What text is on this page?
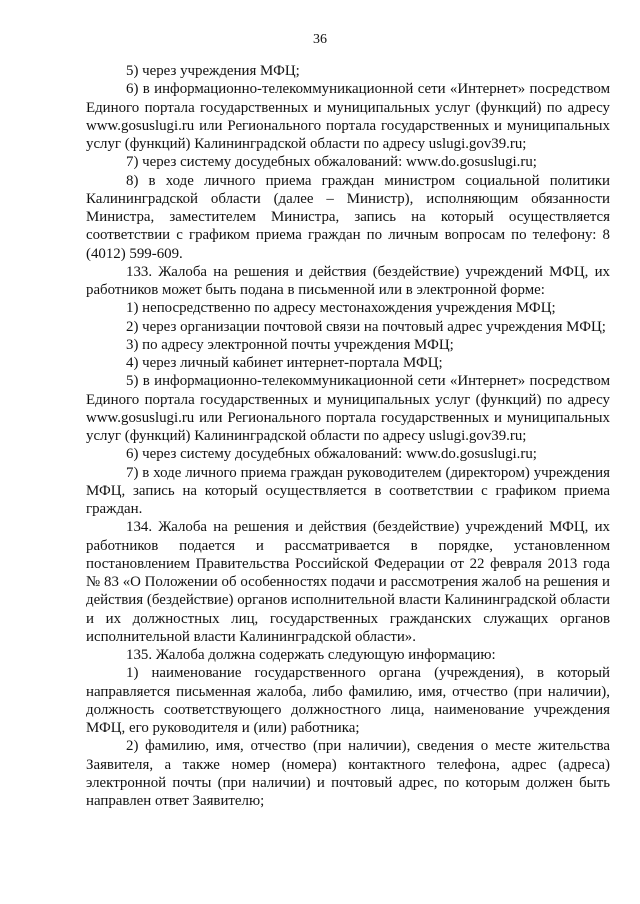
36

5) через учреждения МФЦ;

6) в информационно-телекоммуникационной сети «Интернет» посредством Единого портала государственных и муниципальных услуг (функций) по адресу www.gosuslugi.ru или Регионального портала государственных и муниципальных услуг (функций) Калининградской области по адресу uslugi.gov39.ru;

7) через систему досудебных обжалований: www.do.gosuslugi.ru;

8) в ходе личного приема граждан министром социальной политики Калининградской области (далее – Министр), исполняющим обязанности Министра, заместителем Министра, запись на который осуществляется соответствии с графиком приема граждан по личным вопросам по телефону: 8 (4012) 599-609.

133. Жалоба на решения и действия (бездействие) учреждений МФЦ, их работников может быть подана в письменной или в электронной форме:

1) непосредственно по адресу местонахождения учреждения МФЦ;

2) через организации почтовой связи на почтовый адрес учреждения МФЦ;

3) по адресу электронной почты учреждения МФЦ;

4) через личный кабинет интернет-портала МФЦ;

5) в информационно-телекоммуникационной сети «Интернет» посредством Единого портала государственных и муниципальных услуг (функций) по адресу www.gosuslugi.ru или Регионального портала государственных и муниципальных услуг (функций) Калининградской области по адресу uslugi.gov39.ru;

6) через систему досудебных обжалований: www.do.gosuslugi.ru;

7) в ходе личного приема граждан руководителем (директором) учреждения МФЦ, запись на который осуществляется в соответствии с графиком приема граждан.

134. Жалоба на решения и действия (бездействие) учреждений МФЦ, их работников подается и рассматривается в порядке, установленном постановлением Правительства Российской Федерации от 22 февраля 2013 года № 83 «О Положении об особенностях подачи и рассмотрения жалоб на решения и действия (бездействие) органов исполнительной власти Калининградской области и их должностных лиц, государственных гражданских служащих органов исполнительной власти Калининградской области».

135. Жалоба должна содержать следующую информацию:

1) наименование государственного органа (учреждения), в который направляется письменная жалоба, либо фамилию, имя, отчество (при наличии), должность соответствующего должностного лица, наименование учреждения МФЦ, его руководителя и (или) работника;

2) фамилию, имя, отчество (при наличии), сведения о месте жительства Заявителя, а также номер (номера) контактного телефона, адрес (адреса) электронной почты (при наличии) и почтовый адрес, по которым должен быть направлен ответ Заявителю;
